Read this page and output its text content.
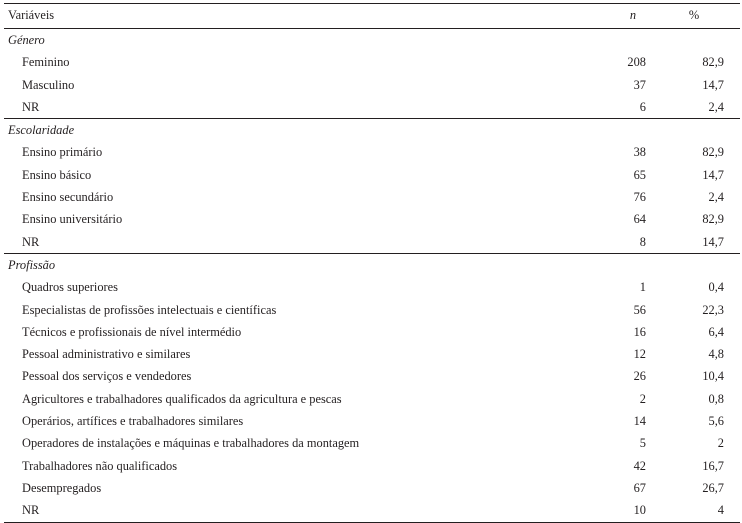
Variáveis	n	%
Género
Feminino	208	82,9
Masculino	37	14,7
NR	6	2,4
Escolaridade
Ensino primário	38	82,9
Ensino básico	65	14,7
Ensino secundário	76	2,4
Ensino universitário	64	82,9
NR	8	14,7
Profissão
Quadros superiores	1	0,4
Especialistas de profissões intelectuais e científicas	56	22,3
Técnicos e profissionais de nível intermédio	16	6,4
Pessoal administrativo e similares	12	4,8
Pessoal dos serviços e vendedores	26	10,4
Agricultores e trabalhadores qualificados da agricultura e pescas	2	0,8
Operários, artífices e trabalhadores similares	14	5,6
Operadores de instalações e máquinas e trabalhadores da montagem	5	2
Trabalhadores não qualificados	42	16,7
Desempregados	67	26,7
NR	10	4
